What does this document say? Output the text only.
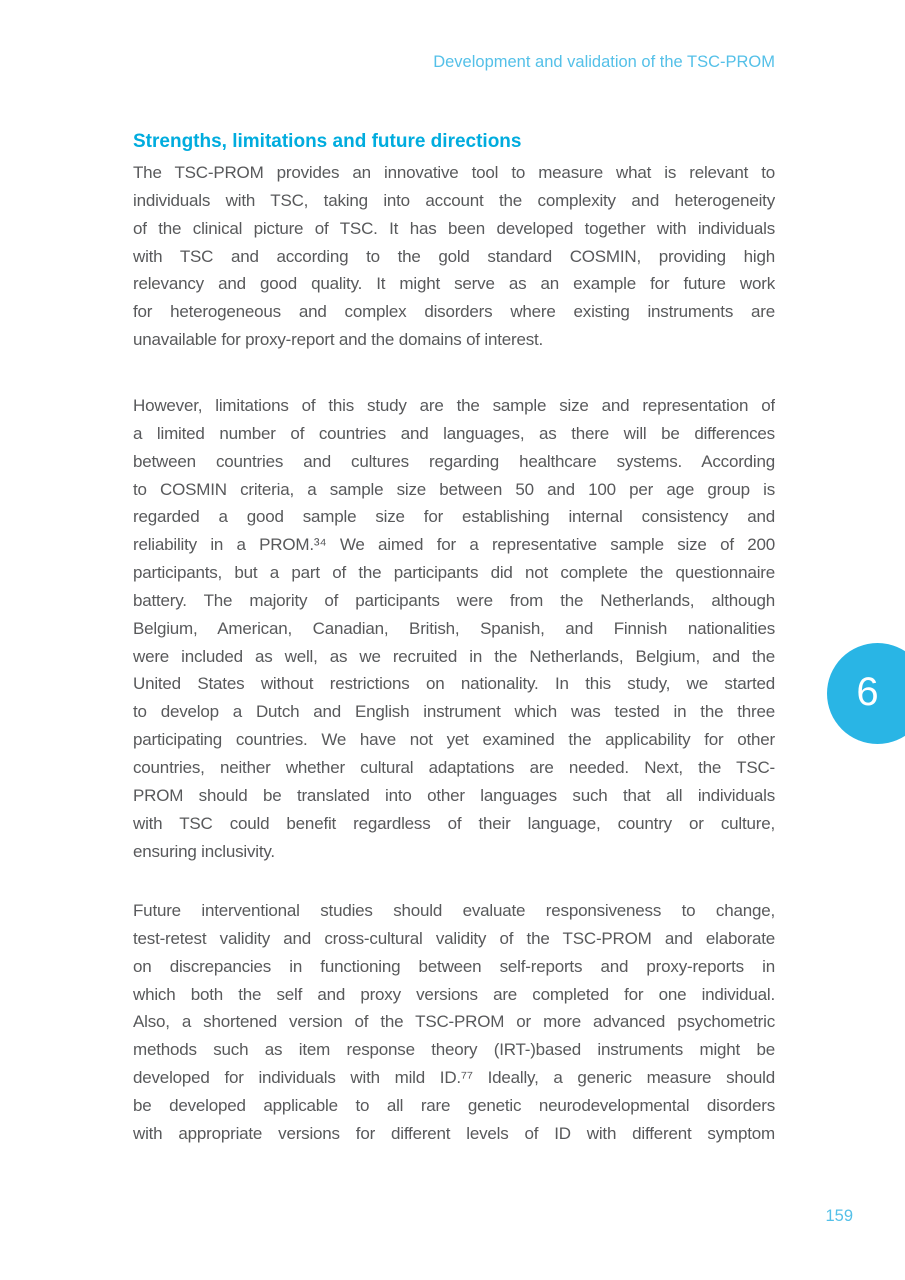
Development and validation of the TSC-PROM
Strengths, limitations and future directions
The TSC-PROM provides an innovative tool to measure what is relevant to
individuals with TSC, taking into account the complexity and heterogeneity
of the clinical picture of TSC. It has been developed together with individuals
with TSC and according to the gold standard COSMIN, providing high
relevancy and good quality. It might serve as an example for future work
for heterogeneous and complex disorders where existing instruments are
unavailable for proxy-report and the domains of interest.
However, limitations of this study are the sample size and representation of
a limited number of countries and languages, as there will be differences
between countries and cultures regarding healthcare systems. According
to COSMIN criteria, a sample size between 50 and 100 per age group is
regarded a good sample size for establishing internal consistency and
reliability in a PROM.³⁴ We aimed for a representative sample size of 200
participants, but a part of the participants did not complete the questionnaire
battery. The majority of participants were from the Netherlands, although
Belgium, American, Canadian, British, Spanish, and Finnish nationalities
were included as well, as we recruited in the Netherlands, Belgium, and the
United States without restrictions on nationality. In this study, we started
to develop a Dutch and English instrument which was tested in the three
participating countries. We have not yet examined the applicability for other
countries, neither whether cultural adaptations are needed. Next, the TSC-
PROM should be translated into other languages such that all individuals
with TSC could benefit regardless of their language, country or culture,
ensuring inclusivity.
Future interventional studies should evaluate responsiveness to change,
test-retest validity and cross-cultural validity of the TSC-PROM and elaborate
on discrepancies in functioning between self-reports and proxy-reports in
which both the self and proxy versions are completed for one individual.
Also, a shortened version of the TSC-PROM or more advanced psychometric
methods such as item response theory (IRT-)based instruments might be
developed for individuals with mild ID.⁷⁷ Ideally, a generic measure should
be developed applicable to all rare genetic neurodevelopmental disorders
with appropriate versions for different levels of ID with different symptom
6
159
